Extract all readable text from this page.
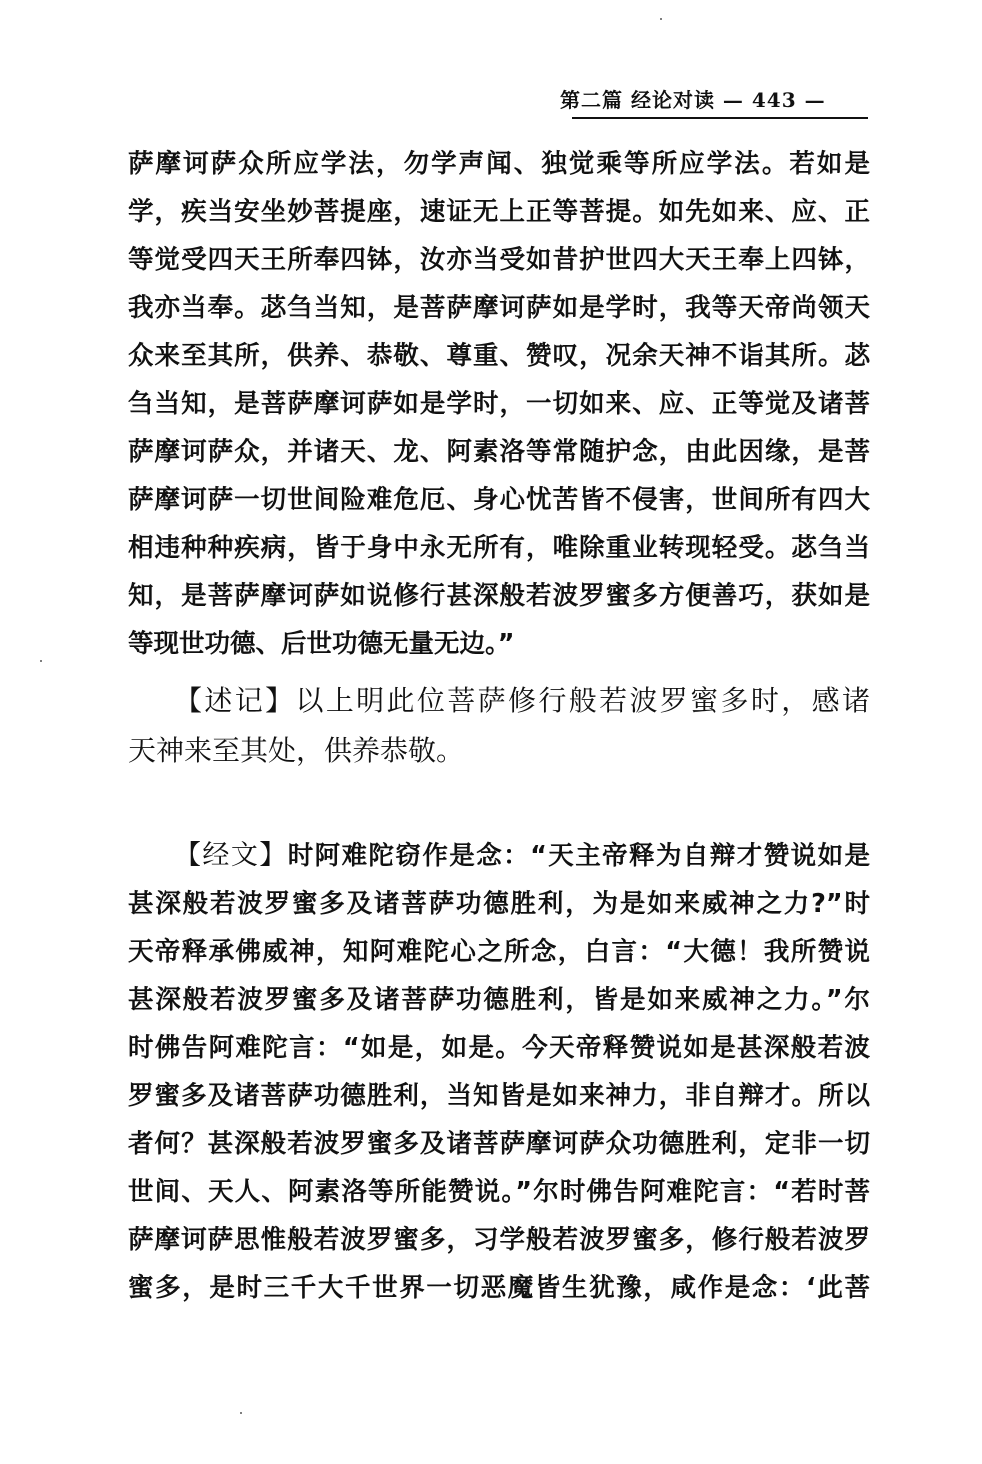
第二篇 经论对读 — 443 —
萨摩诃萨众所应学法，勿学声闻、独觉乘等所应学法。若如是
学，疾当安坐妙菩提座，速证无上正等菩提。如先如来、应、正
等觉受四天王所奉四钵，汝亦当受如昔护世四大天王奉上四钵，
我亦当奉。苾刍当知，是菩萨摩诃萨如是学时，我等天帝尚领天
众来至其所，供养、恭敬、尊重、赞叹，况余天神不诣其所。苾
刍当知，是菩萨摩诃萨如是学时，一切如来、应、正等觉及诸菩
萨摩诃萨众，并诸天、龙、阿素洛等常随护念，由此因缘，是菩
萨摩诃萨一切世间险难危厄、身心忧苦皆不侵害，世间所有四大
相违种种疾病，皆于身中永无所有，唯除重业转现轻受。苾刍当
知，是菩萨摩诃萨如说修行甚深般若波罗蜜多方便善巧，获如是
等现世功德、后世功德无量无边。”
【述记】以上明此位菩萨修行般若波罗蜜多时，感诸
天神来至其处，供养恭敬。
【经文】时阿难陀窃作是念：“天主帝释为自辩才赞说如是
甚深般若波罗蜜多及诸菩萨功德胜利，为是如来威神之力?”时
天帝释承佛威神，知阿难陀心之所念，白言：“大德！我所赞说
甚深般若波罗蜜多及诸菩萨功德胜利，皆是如来威神之力。”尔
时佛告阿难陀言：“如是，如是。今天帝释赞说如是甚深般若波
罗蜜多及诸菩萨功德胜利，当知皆是如来神力，非自辩才。所以
者何？甚深般若波罗蜜多及诸菩萨摩诃萨众功德胜利，定非一切
世间、天人、阿素洛等所能赞说。”尔时佛告阿难陀言：“若时菩
萨摩诃萨思惟般若波罗蜜多，习学般若波罗蜜多，修行般若波罗
蜜多，是时三千大千世界一切恶魔皆生犹豫，咸作是念：‘此菩
